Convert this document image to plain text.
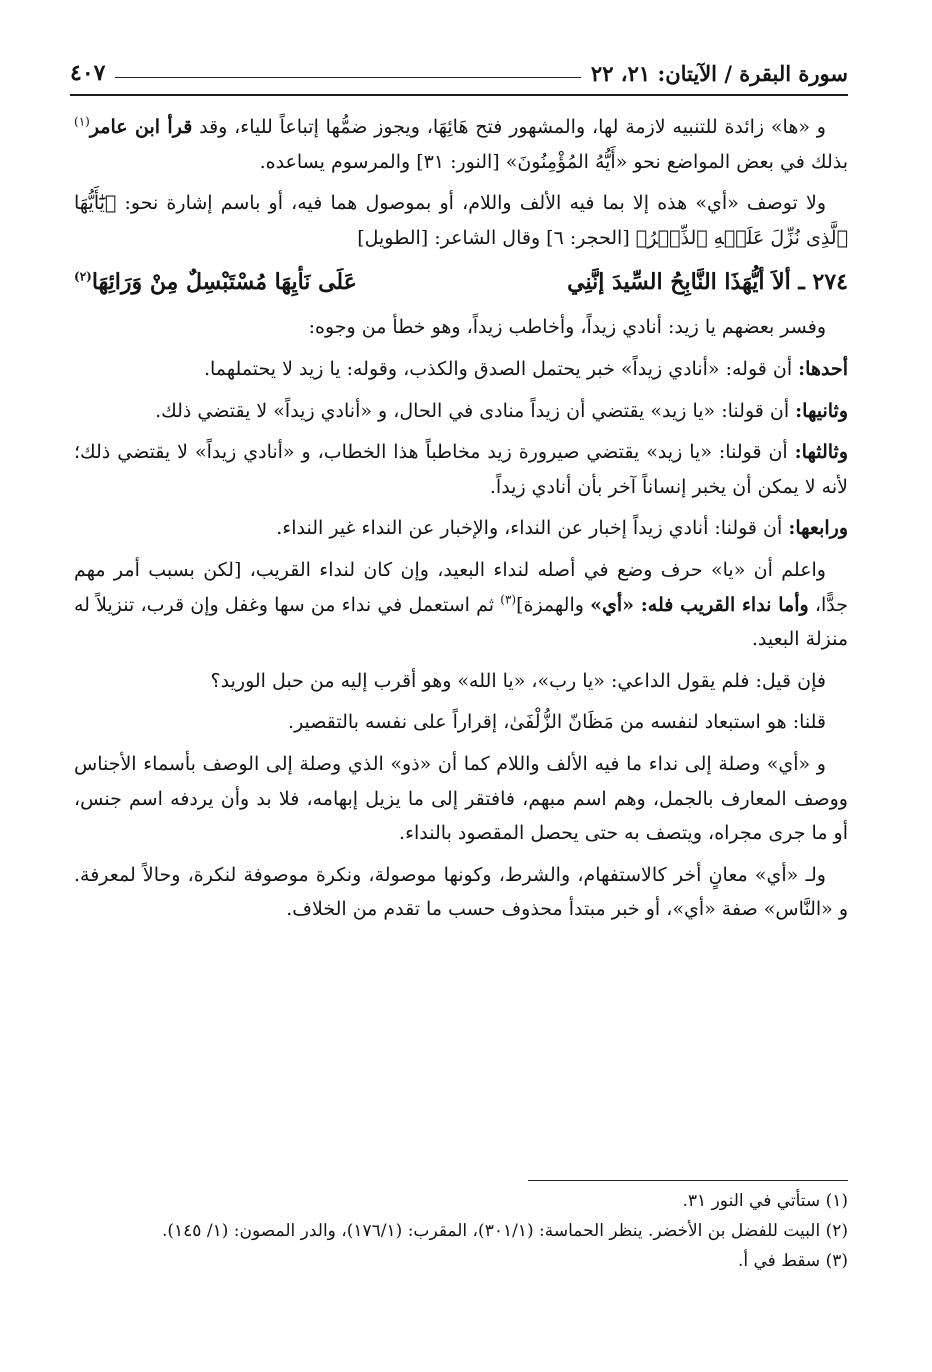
سورة البقرة / الآيتان: ٢١، ٢٢
٤٠٧

و «ها» زائدة للتنبيه لازمة لها، والمشهور فتح هَائِهَا، ويجوز ضمُّها إتباعاً للياء، وقد قرأ ابن عامر$^{(١)}$ بذلك في بعض المواضع نحو «أَيُّهُ المُؤْمِنُونَ» [النور: ٣١] والمرسوم يساعده.

ولا توصف «أي» هذه إلا بما فيه الألف واللام، أو بموصول هما فيه، أو باسم إشارة نحو: ﴿يَٰٓأَيُّهَا ٱلَّذِى نُزِّلَ عَلَيۡهِ ٱلذِّكۡرُ﴾ [الحجر: ٦] وقال الشاعر: [الطويل]

٢٧٤ ـ ألاَ أيُّهَذَا النَّابِحُ السِّيدَ إنَّنِي
عَلَى نَأيِهَا مُسْتَبْسِلٌ مِنْ وَرَائِهَا$^{(٢)}$

وفسر بعضهم يا زيد: أنادي زيداً، وأخاطب زيداً، وهو خطأ من وجوه:

أحدها: أن قوله: «أنادي زيداً» خبر يحتمل الصدق والكذب، وقوله: يا زيد لا يحتملهما.

وثانيها: أن قولنا: «يا زيد» يقتضي أن زيداً منادى في الحال، و «أنادي زيداً» لا يقتضي ذلك.

وثالثها: أن قولنا: «يا زيد» يقتضي صيرورة زيد مخاطباً هذا الخطاب، و «أنادي زيداً» لا يقتضي ذلك؛ لأنه لا يمكن أن يخبر إنساناً آخر بأن أنادي زيداً.

ورابعها: أن قولنا: أنادي زيداً إخبار عن النداء، والإخبار عن النداء غير النداء.

واعلم أن «يا» حرف وضع في أصله لنداء البعيد، وإن كان لنداء القريب، [لكن بسبب أمر مهم جدًّا، وأما نداء القريب فله: «أي» والهمزة]$^{(٣)}$ ثم استعمل في نداء من سها وغفل وإن قرب، تنزيلاً له منزلة البعيد.

فإن قيل: فلم يقول الداعي: «يا رب»، «يا الله» وهو أقرب إليه من حبل الوريد؟

قلنا: هو استبعاد لنفسه من مَظَانّ الزُّلْفَىٰ، إقراراً على نفسه بالتقصير.

و «أي» وصلة إلى نداء ما فيه الألف واللام كما أن «ذو» الذي وصلة إلى الوصف بأسماء الأجناس ووصف المعارف بالجمل، وهم اسم مبهم، فافتقر إلى ما يزيل إبهامه، فلا بد وأن يردفه اسم جنس، أو ما جرى مجراه، ويتصف به حتى يحصل المقصود بالنداء.

ولـ «أي» معانٍ أخر كالاستفهام، والشرط، وكونها موصولة، ونكرة موصوفة لنكرة، وحالاً لمعرفة. و «النَّاس» صفة «أي»، أو خبر مبتدأ محذوف حسب ما تقدم من الخلاف.

(١) ستأتي في النور ٣١.

(٢) البيت للفضل بن الأخضر. ينظر الحماسة: (٣٠١/١)، المقرب: (١٧٦/١)، والدر المصون: (١/ ١٤٥).

(٣) سقط في أ.
